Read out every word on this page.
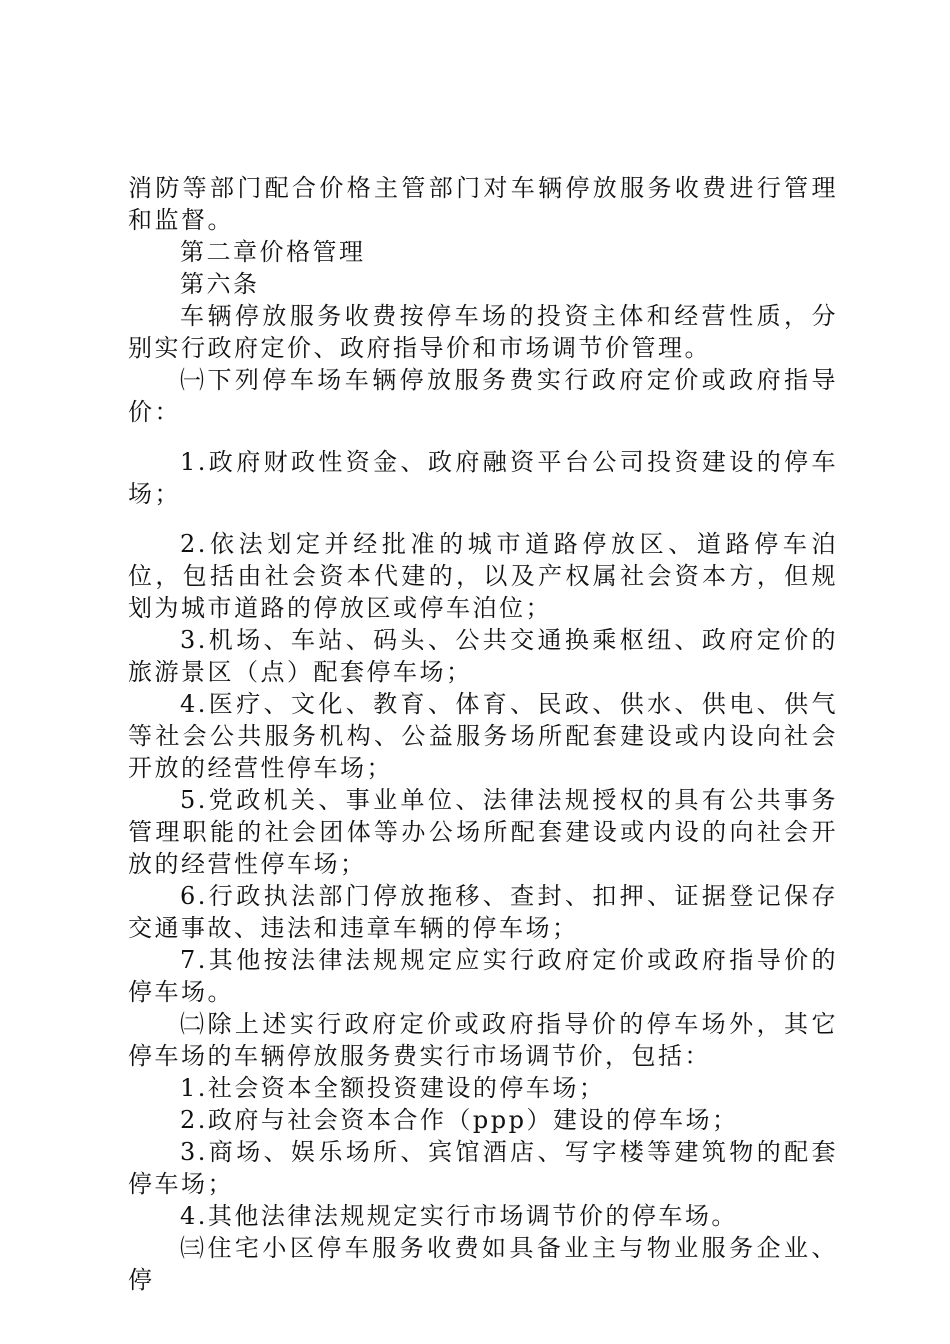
消防等部门配合价格主管部门对车辆停放服务收费进行管理和监督。

第二章价格管理

第六条

车辆停放服务收费按停车场的投资主体和经营性质，分别实行政府定价、政府指导价和市场调节价管理。

㈠下列停车场车辆停放服务费实行政府定价或政府指导价：

1.政府财政性资金、政府融资平台公司投资建设的停车场；

2.依法划定并经批准的城市道路停放区、道路停车泊位，包括由社会资本代建的，以及产权属社会资本方，但规划为城市道路的停放区或停车泊位；

3.机场、车站、码头、公共交通换乘枢纽、政府定价的旅游景区（点）配套停车场；

4.医疗、文化、教育、体育、民政、供水、供电、供气等社会公共服务机构、公益服务场所配套建设或内设向社会开放的经营性停车场；

5.党政机关、事业单位、法律法规授权的具有公共事务管理职能的社会团体等办公场所配套建设或内设的向社会开放的经营性停车场；

6.行政执法部门停放拖移、查封、扣押、证据登记保存交通事故、违法和违章车辆的停车场；

7.其他按法律法规规定应实行政府定价或政府指导价的停车场。

㈡除上述实行政府定价或政府指导价的停车场外，其它停车场的车辆停放服务费实行市场调节价，包括：

1.社会资本全额投资建设的停车场；

2.政府与社会资本合作（ppp）建设的停车场；

3.商场、娱乐场所、宾馆酒店、写字楼等建筑物的配套停车场；

4.其他法律法规规定实行市场调节价的停车场。

㈢住宅小区停车服务收费如具备业主与物业服务企业、停
